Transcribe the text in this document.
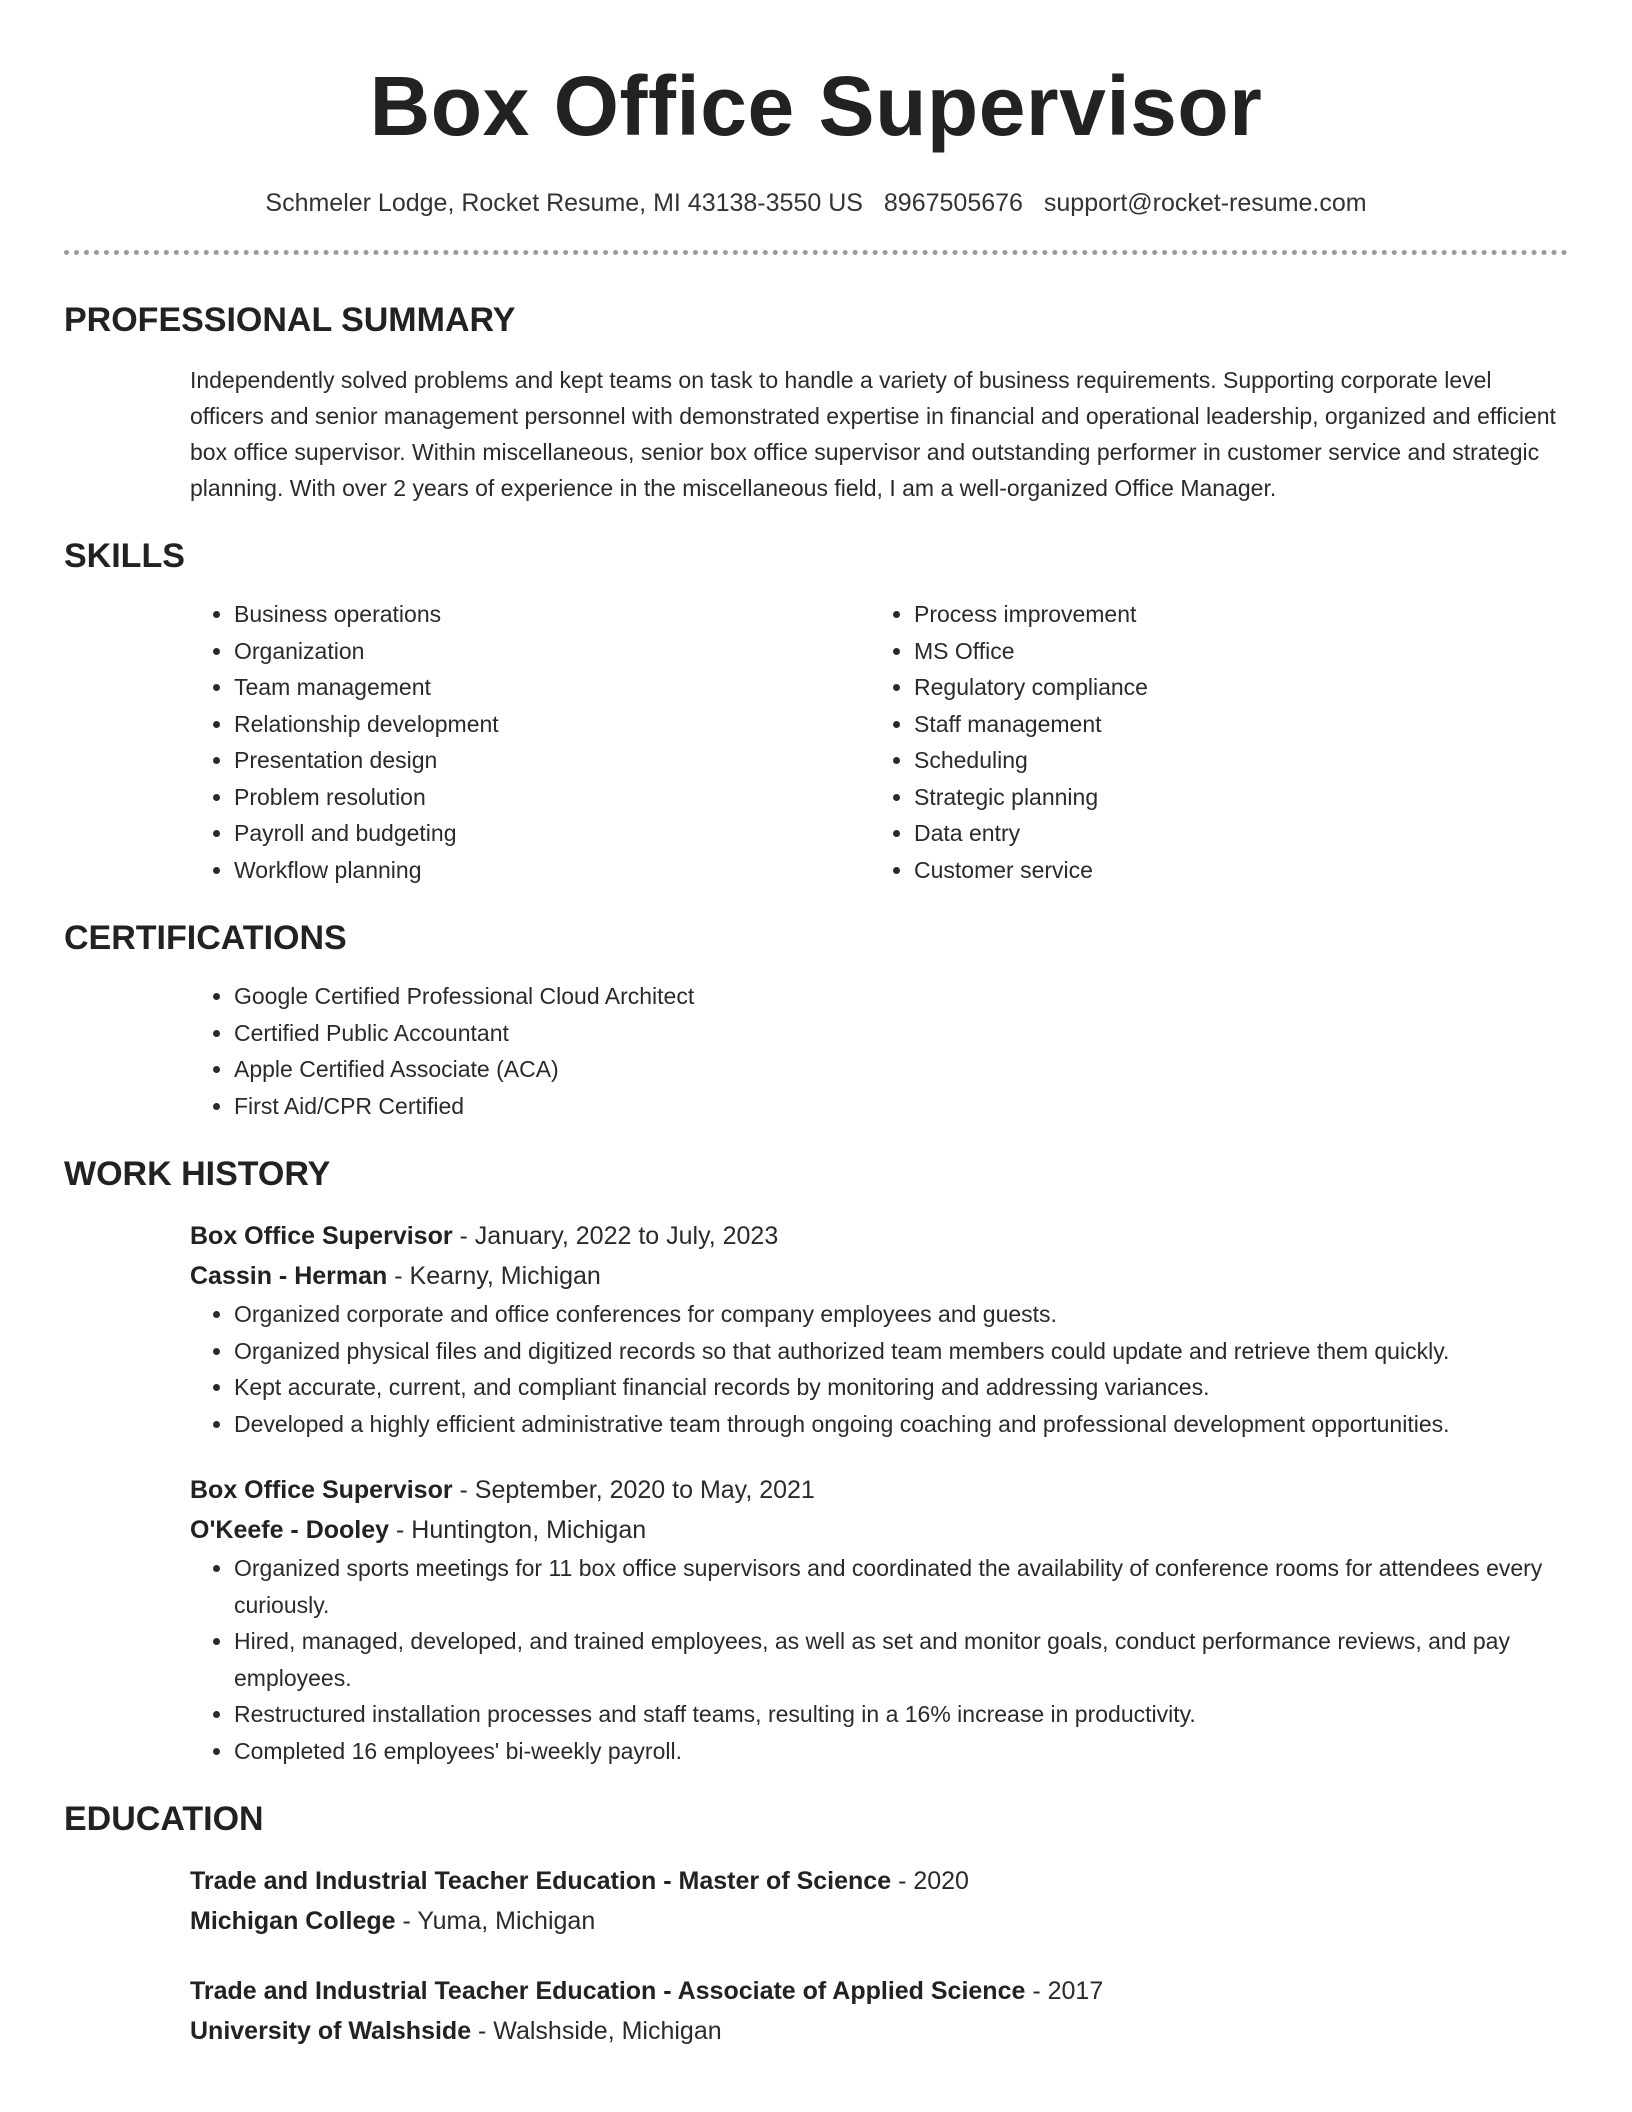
Box Office Supervisor
Schmeler Lodge, Rocket Resume, MI 43138-3550 US 8967505676 support@rocket-resume.com
PROFESSIONAL SUMMARY

Independently solved problems and kept teams on task to handle a variety of business requirements. Supporting corporate level officers and senior management personnel with demonstrated expertise in financial and operational leadership, organized and efficient box office supervisor. Within miscellaneous, senior box office supervisor and outstanding performer in customer service and strategic planning. With over 2 years of experience in the miscellaneous field, I am a well-organized Office Manager.

SKILLS
• Business operations
• Organization
• Team management
• Relationship development
• Presentation design
• Problem resolution
• Payroll and budgeting
• Workflow planning
• Process improvement
• MS Office
• Regulatory compliance
• Staff management
• Scheduling
• Strategic planning
• Data entry
• Customer service
CERTIFICATIONS
• Google Certified Professional Cloud Architect
• Certified Public Accountant
• Apple Certified Associate (ACA)
• First Aid/CPR Certified
WORK HISTORY
Box Office Supervisor - January, 2022 to July, 2023
Cassin - Herman - Kearny, Michigan
• Organized corporate and office conferences for company employees and guests.
• Organized physical files and digitized records so that authorized team members could update and retrieve them quickly.
• Kept accurate, current, and compliant financial records by monitoring and addressing variances.
• Developed a highly efficient administrative team through ongoing coaching and professional development opportunities.
Box Office Supervisor - September, 2020 to May, 2021
O'Keefe - Dooley - Huntington, Michigan
• Organized sports meetings for 11 box office supervisors and coordinated the availability of conference rooms for attendees every curiously.
• Hired, managed, developed, and trained employees, as well as set and monitor goals, conduct performance reviews, and pay employees.
• Restructured installation processes and staff teams, resulting in a 16% increase in productivity.
• Completed 16 employees' bi-weekly payroll.
EDUCATION
Trade and Industrial Teacher Education - Master of Science - 2020
Michigan College - Yuma, Michigan
Trade and Industrial Teacher Education - Associate of Applied Science - 2017
University of Walshside - Walshside, Michigan
